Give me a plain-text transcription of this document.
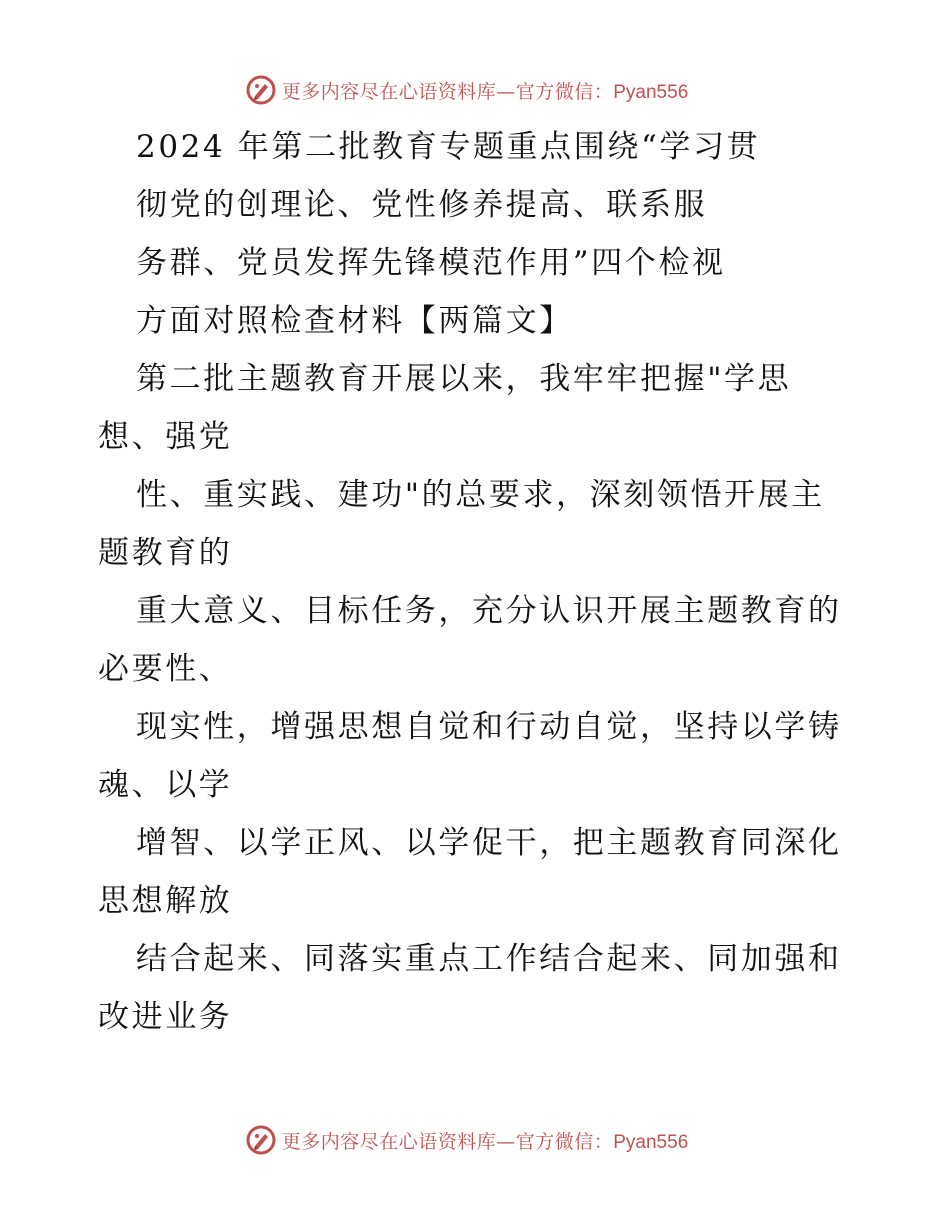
更多内容尽在心语资料库—官方微信：Pyan556
2024 年第二批教育专题重点围绕“学习贯
彻党的创理论、党性修养提高、联系服
务群、党员发挥先锋模范作用”四个检视
方面对照检查材料【两篇文】
第二批主题教育开展以来，我牢牢把握"学思
想、强党
性、重实践、建功"的总要求，深刻领悟开展主
题教育的
重大意义、目标任务，充分认识开展主题教育的
必要性、
现实性，增强思想自觉和行动自觉，坚持以学铸
魂、以学
增智、以学正风、以学促干，把主题教育同深化
思想解放
结合起来、同落实重点工作结合起来、同加强和
改进业务
更多内容尽在心语资料库—官方微信：Pyan556
